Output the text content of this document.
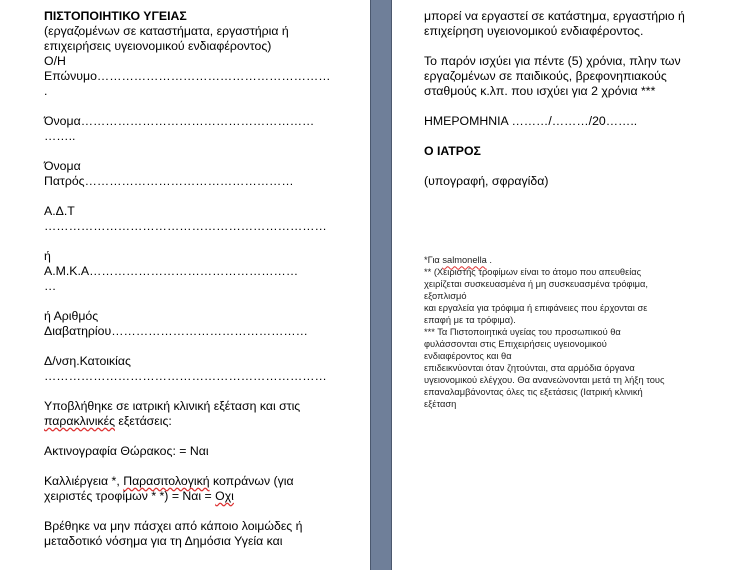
ΠΙΣΤΟΠΟΙΗΤΙΚΟ ΥΓΕΙΑΣ

(εργαζομένων σε καταστήματα, εργαστήρια ή

επιχειρήσεις υγειονομικού ενδιαφέροντος)

Ο/Η

Επώνυμο…………………………………………………

.

Όνομα…………………………………………………

……..

Όνομα

Πατρός……………………………………………

Α.Δ.Τ

……………………………………………………………

ή

Α.Μ.Κ.Α……………………………………………

…

ή Αριθμός

Διαβατηρίου…………………………………………

Δ/νση.Κατοικίας

……………………………………………………………

Υποβλήθηκε σε ιατρική κλινική εξέταση και στις

παρακλινικές εξετάσεις:

Ακτινογραφία Θώρακος: = Ναι

Καλλιέργεια *, Παρασιτολογική κοπράνων (για

χειριστές τροφίμων * *) = Ναι = Οχι

Βρέθηκε να μην πάσχει από κάποιο λοιμώδες ή

μεταδοτικό νόσημα για τη Δημόσια Υγεία και

μπορεί να εργαστεί σε κατάστημα, εργαστήριο ή

επιχείρηση υγειονομικού ενδιαφέροντος.

Το παρόν ισχύει για πέντε (5) χρόνια, πλην των

εργαζομένων σε παιδικούς, βρεφονηπιακούς

σταθμούς κ.λπ. που ισχύει για 2 χρόνια ***

ΗΜΕΡΟΜΗΝΙΑ ………/………/20……..

Ο ΙΑΤΡΟΣ

(υπογραφή, σφραγίδα)

*Για salmonella .

** (Χειριστής τροφίμων είναι το άτομο που απευθείας

χειρίζεται συσκευασμένα ή μη συσκευασμένα τρόφιμα,

εξοπλισμό

και εργαλεία για τρόφιμα ή επιφάνειες που έρχονται σε

επαφή με τα τρόφιμα).

*** Τα Πιστοποιητικά υγείας του προσωπικού θα

φυλάσσονται στις Επιχειρήσεις υγειονομικού

ενδιαφέροντος και θα

επιδεικνύονται όταν ζητούνται, στα αρμόδια όργανα

υγειονομικού ελέγχου. Θα ανανεώνονται μετά τη λήξη τους

επαναλαμβάνοντας όλες τις εξετάσεις (Ιατρική κλινική

εξέταση
